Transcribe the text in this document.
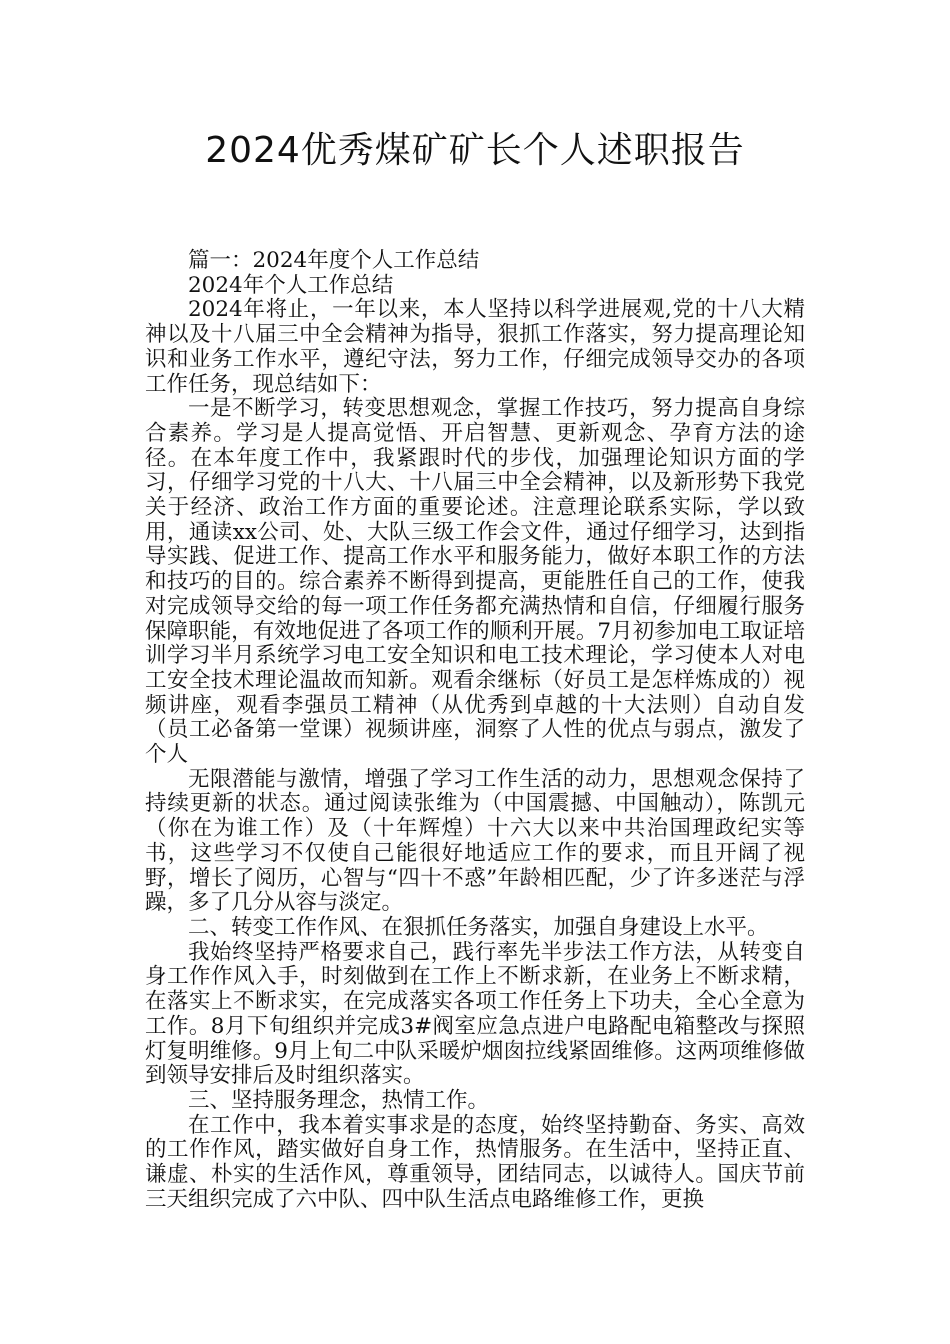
2024优秀煤矿矿长个人述职报告

篇一：2024年度个人工作总结

2024年个人工作总结

2024年将止，一年以来，本人坚持以科学进展观,党的十八大精神以及十八届三中全会精神为指导，狠抓工作落实，努力提高理论知识和业务工作水平，遵纪守法，努力工作，仔细完成领导交办的各项工作任务，现总结如下：

一是不断学习，转变思想观念，掌握工作技巧，努力提高自身综合素养。学习是人提高觉悟、开启智慧、更新观念、孕育方法的途径。在本年度工作中，我紧跟时代的步伐，加强理论知识方面的学习，仔细学习党的十八大、十八届三中全会精神，以及新形势下我党关于经济、政治工作方面的重要论述。注意理论联系实际，学以致用，通读xx公司、处、大队三级工作会文件，通过仔细学习，达到指导实践、促进工作、提高工作水平和服务能力，做好本职工作的方法和技巧的目的。综合素养不断得到提高，更能胜任自己的工作，使我对完成领导交给的每一项工作任务都充满热情和自信，仔细履行服务保障职能，有效地促进了各项工作的顺利开展。7月初参加电工取证培训学习半月系统学习电工安全知识和电工技术理论，学习使本人对电工安全技术理论温故而知新。观看余继标（好员工是怎样炼成的）视频讲座，观看李强员工精神（从优秀到卓越的十大法则）自动自发（员工必备第一堂课）视频讲座，洞察了人性的优点与弱点，激发了个人

无限潜能与激情，增强了学习工作生活的动力，思想观念保持了持续更新的状态。通过阅读张维为（中国震撼、中国触动），陈凯元（你在为谁工作）及（十年辉煌）十六大以来中共治国理政纪实等书，这些学习不仅使自己能很好地适应工作的要求，而且开阔了视野，增长了阅历，心智与“四十不惑”年龄相匹配，少了许多迷茫与浮躁，多了几分从容与淡定。

二、转变工作作风、在狠抓任务落实，加强自身建设上水平。

我始终坚持严格要求自己，践行率先半步法工作方法，从转变自身工作作风入手，时刻做到在工作上不断求新，在业务上不断求精，在落实上不断求实，在完成落实各项工作任务上下功夫，全心全意为工作。8月下旬组织并完成3#阀室应急点进户电路配电箱整改与探照灯复明维修。9月上旬二中队采暖炉烟囱拉线紧固维修。这两项维修做到领导安排后及时组织落实。

三、坚持服务理念，热情工作。

在工作中，我本着实事求是的态度，始终坚持勤奋、务实、高效的工作作风，踏实做好自身工作，热情服务。在生活中，坚持正直、谦虚、朴实的生活作风，尊重领导，团结同志，以诚待人。国庆节前三天组织完成了六中队、四中队生活点电路维修工作，更换
